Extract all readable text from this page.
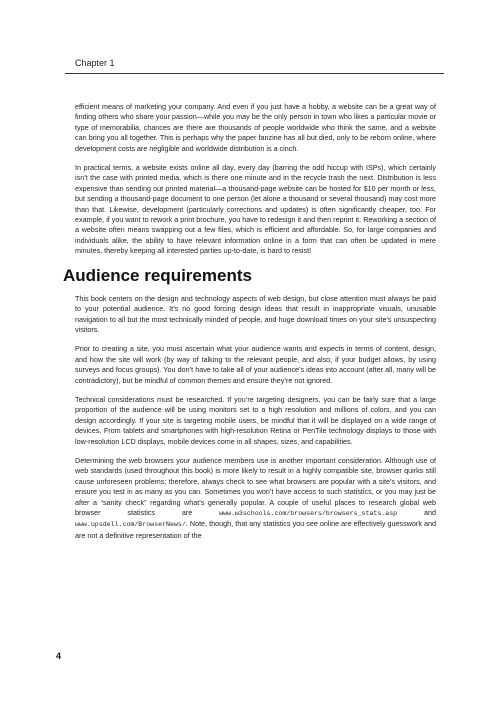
Chapter 1

efficient means of marketing your company. And even if you just have a hobby, a website can be a great way of finding others who share your passion—while you may be the only person in town who likes a particular movie or type of memorabilia, chances are there are thousands of people worldwide who think the same, and a website can bring you all together. This is perhaps why the paper fanzine has all but died, only to be reborn online, where development costs are negligible and worldwide distribution is a cinch.

In practical terms, a website exists online all day, every day (barring the odd hiccup with ISPs), which certainly isn’t the case with printed media, which is there one minute and in the recycle trash the next. Distribution is less expensive than sending out printed material—a thousand-page website can be hosted for $10 per month or less, but sending a thousand-page document to one person (let alone a thousand or several thousand) may cost more than that. Likewise, development (particularly corrections and updates) is often significantly cheaper, too. For example, if you want to rework a print brochure, you have to redesign it and then reprint it. Reworking a section of a website often means swapping out a few files, which is efficient and affordable. So, for large companies and individuals alike, the ability to have relevant information online in a form that can often be updated in mere minutes, thereby keeping all interested parties up-to-date, is hard to resist!

Audience requirements

This book centers on the design and technology aspects of web design, but close attention must always be paid to your potential audience. It’s no good forcing design ideas that result in inappropriate visuals, unusable navigation to all but the most technically minded of people, and huge download times on your site’s unsuspecting visitors.

Prior to creating a site, you must ascertain what your audience wants and expects in terms of content, design, and how the site will work (by way of talking to the relevant people, and also, if your budget allows, by using surveys and focus groups). You don’t have to take all of your audience’s ideas into account (after all, many will be contradictory), but be mindful of common themes and ensure they’re not ignored.

Technical considerations must be researched. If you’re targeting designers, you can be fairly sure that a large proportion of the audience will be using monitors set to a high resolution and millions of colors, and you can design accordingly. If your site is targeting mobile users, be mindful that it will be displayed on a wide range of devices. From tablets and smartphones with high-resolution Retina or PenTile technology displays to those with low-resolution LCD displays, mobile devices come in all shapes, sizes, and capabilities.

Determining the web browsers your audience members use is another important consideration. Although use of web standards (used throughout this book) is more likely to result in a highly compatible site, browser quirks still cause unforeseen problems; therefore, always check to see what browsers are popular with a site’s visitors, and ensure you test in as many as you can. Sometimes you won’t have access to such statistics, or you may just be after a “sanity check” regarding what’s generally popular. A couple of useful places to research global web browser statistics are www.w3schools.com/browsers/browsers_stats.asp and www.upsdell.com/BrowserNews/. Note, though, that any statistics you see online are effectively guesswork and are not a definitive representation of the

4
